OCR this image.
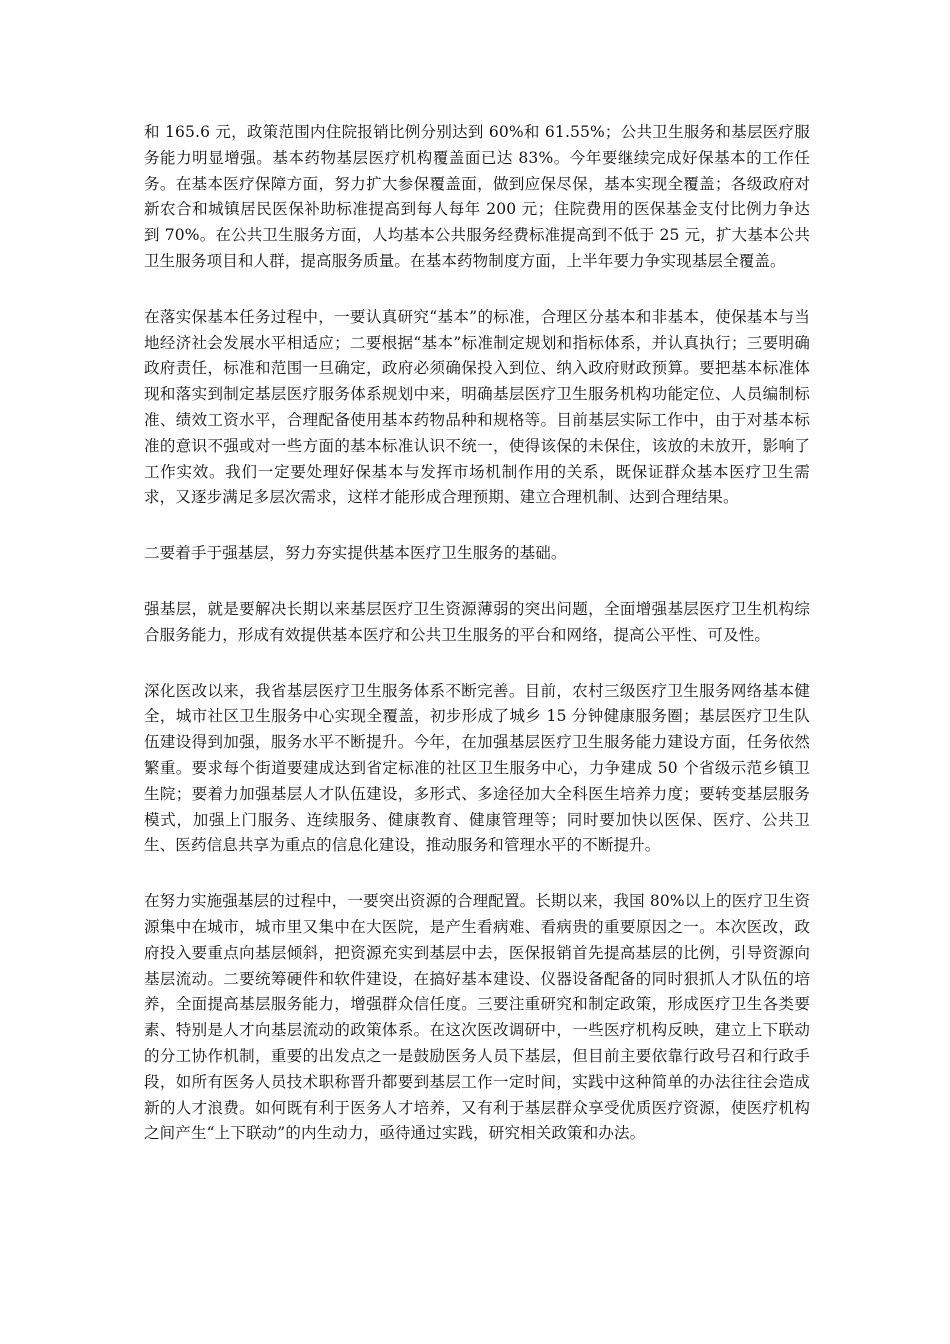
和 165.6 元，政策范围内住院报销比例分别达到 60%和 61.55%；公共卫生服务和基层医疗服务能力明显增强。基本药物基层医疗机构覆盖面已达 83%。今年要继续完成好保基本的工作任务。在基本医疗保障方面，努力扩大参保覆盖面，做到应保尽保，基本实现全覆盖；各级政府对新农合和城镇居民医保补助标准提高到每人每年 200 元；住院费用的医保基金支付比例力争达到 70%。在公共卫生服务方面，人均基本公共服务经费标准提高到不低于 25 元，扩大基本公共卫生服务项目和人群，提高服务质量。在基本药物制度方面，上半年要力争实现基层全覆盖。

在落实保基本任务过程中，一要认真研究“基本”的标准，合理区分基本和非基本，使保基本与当地经济社会发展水平相适应；二要根据“基本”标准制定规划和指标体系，并认真执行；三要明确政府责任，标准和范围一旦确定，政府必须确保投入到位、纳入政府财政预算。要把基本标准体现和落实到制定基层医疗服务体系规划中来，明确基层医疗卫生服务机构功能定位、人员编制标准、绩效工资水平，合理配备使用基本药物品种和规格等。目前基层实际工作中，由于对基本标准的意识不强或对一些方面的基本标准认识不统一，使得该保的未保住，该放的未放开，影响了工作实效。我们一定要处理好保基本与发挥市场机制作用的关系，既保证群众基本医疗卫生需求，又逐步满足多层次需求，这样才能形成合理预期、建立合理机制、达到合理结果。

二要着手于强基层，努力夯实提供基本医疗卫生服务的基础。

强基层，就是要解决长期以来基层医疗卫生资源薄弱的突出问题，全面增强基层医疗卫生机构综合服务能力，形成有效提供基本医疗和公共卫生服务的平台和网络，提高公平性、可及性。

深化医改以来，我省基层医疗卫生服务体系不断完善。目前，农村三级医疗卫生服务网络基本健全，城市社区卫生服务中心实现全覆盖，初步形成了城乡 15 分钟健康服务圈；基层医疗卫生队伍建设得到加强，服务水平不断提升。今年，在加强基层医疗卫生服务能力建设方面，任务依然繁重。要求每个街道要建成达到省定标准的社区卫生服务中心，力争建成 50 个省级示范乡镇卫生院；要着力加强基层人才队伍建设，多形式、多途径加大全科医生培养力度；要转变基层服务模式，加强上门服务、连续服务、健康教育、健康管理等；同时要加快以医保、医疗、公共卫生、医药信息共享为重点的信息化建设，推动服务和管理水平的不断提升。

在努力实施强基层的过程中，一要突出资源的合理配置。长期以来，我国 80%以上的医疗卫生资源集中在城市，城市里又集中在大医院，是产生看病难、看病贵的重要原因之一。本次医改，政府投入要重点向基层倾斜，把资源充实到基层中去，医保报销首先提高基层的比例，引导资源向基层流动。二要统筹硬件和软件建设，在搞好基本建设、仪器设备配备的同时狠抓人才队伍的培养，全面提高基层服务能力，增强群众信任度。三要注重研究和制定政策，形成医疗卫生各类要素、特别是人才向基层流动的政策体系。在这次医改调研中，一些医疗机构反映，建立上下联动的分工协作机制，重要的出发点之一是鼓励医务人员下基层，但目前主要依靠行政号召和行政手段，如所有医务人员技术职称晋升都要到基层工作一定时间，实践中这种简单的办法往往会造成新的人才浪费。如何既有利于医务人才培养，又有利于基层群众享受优质医疗资源，使医疗机构之间产生“上下联动”的内生动力，亟待通过实践，研究相关政策和办法。
